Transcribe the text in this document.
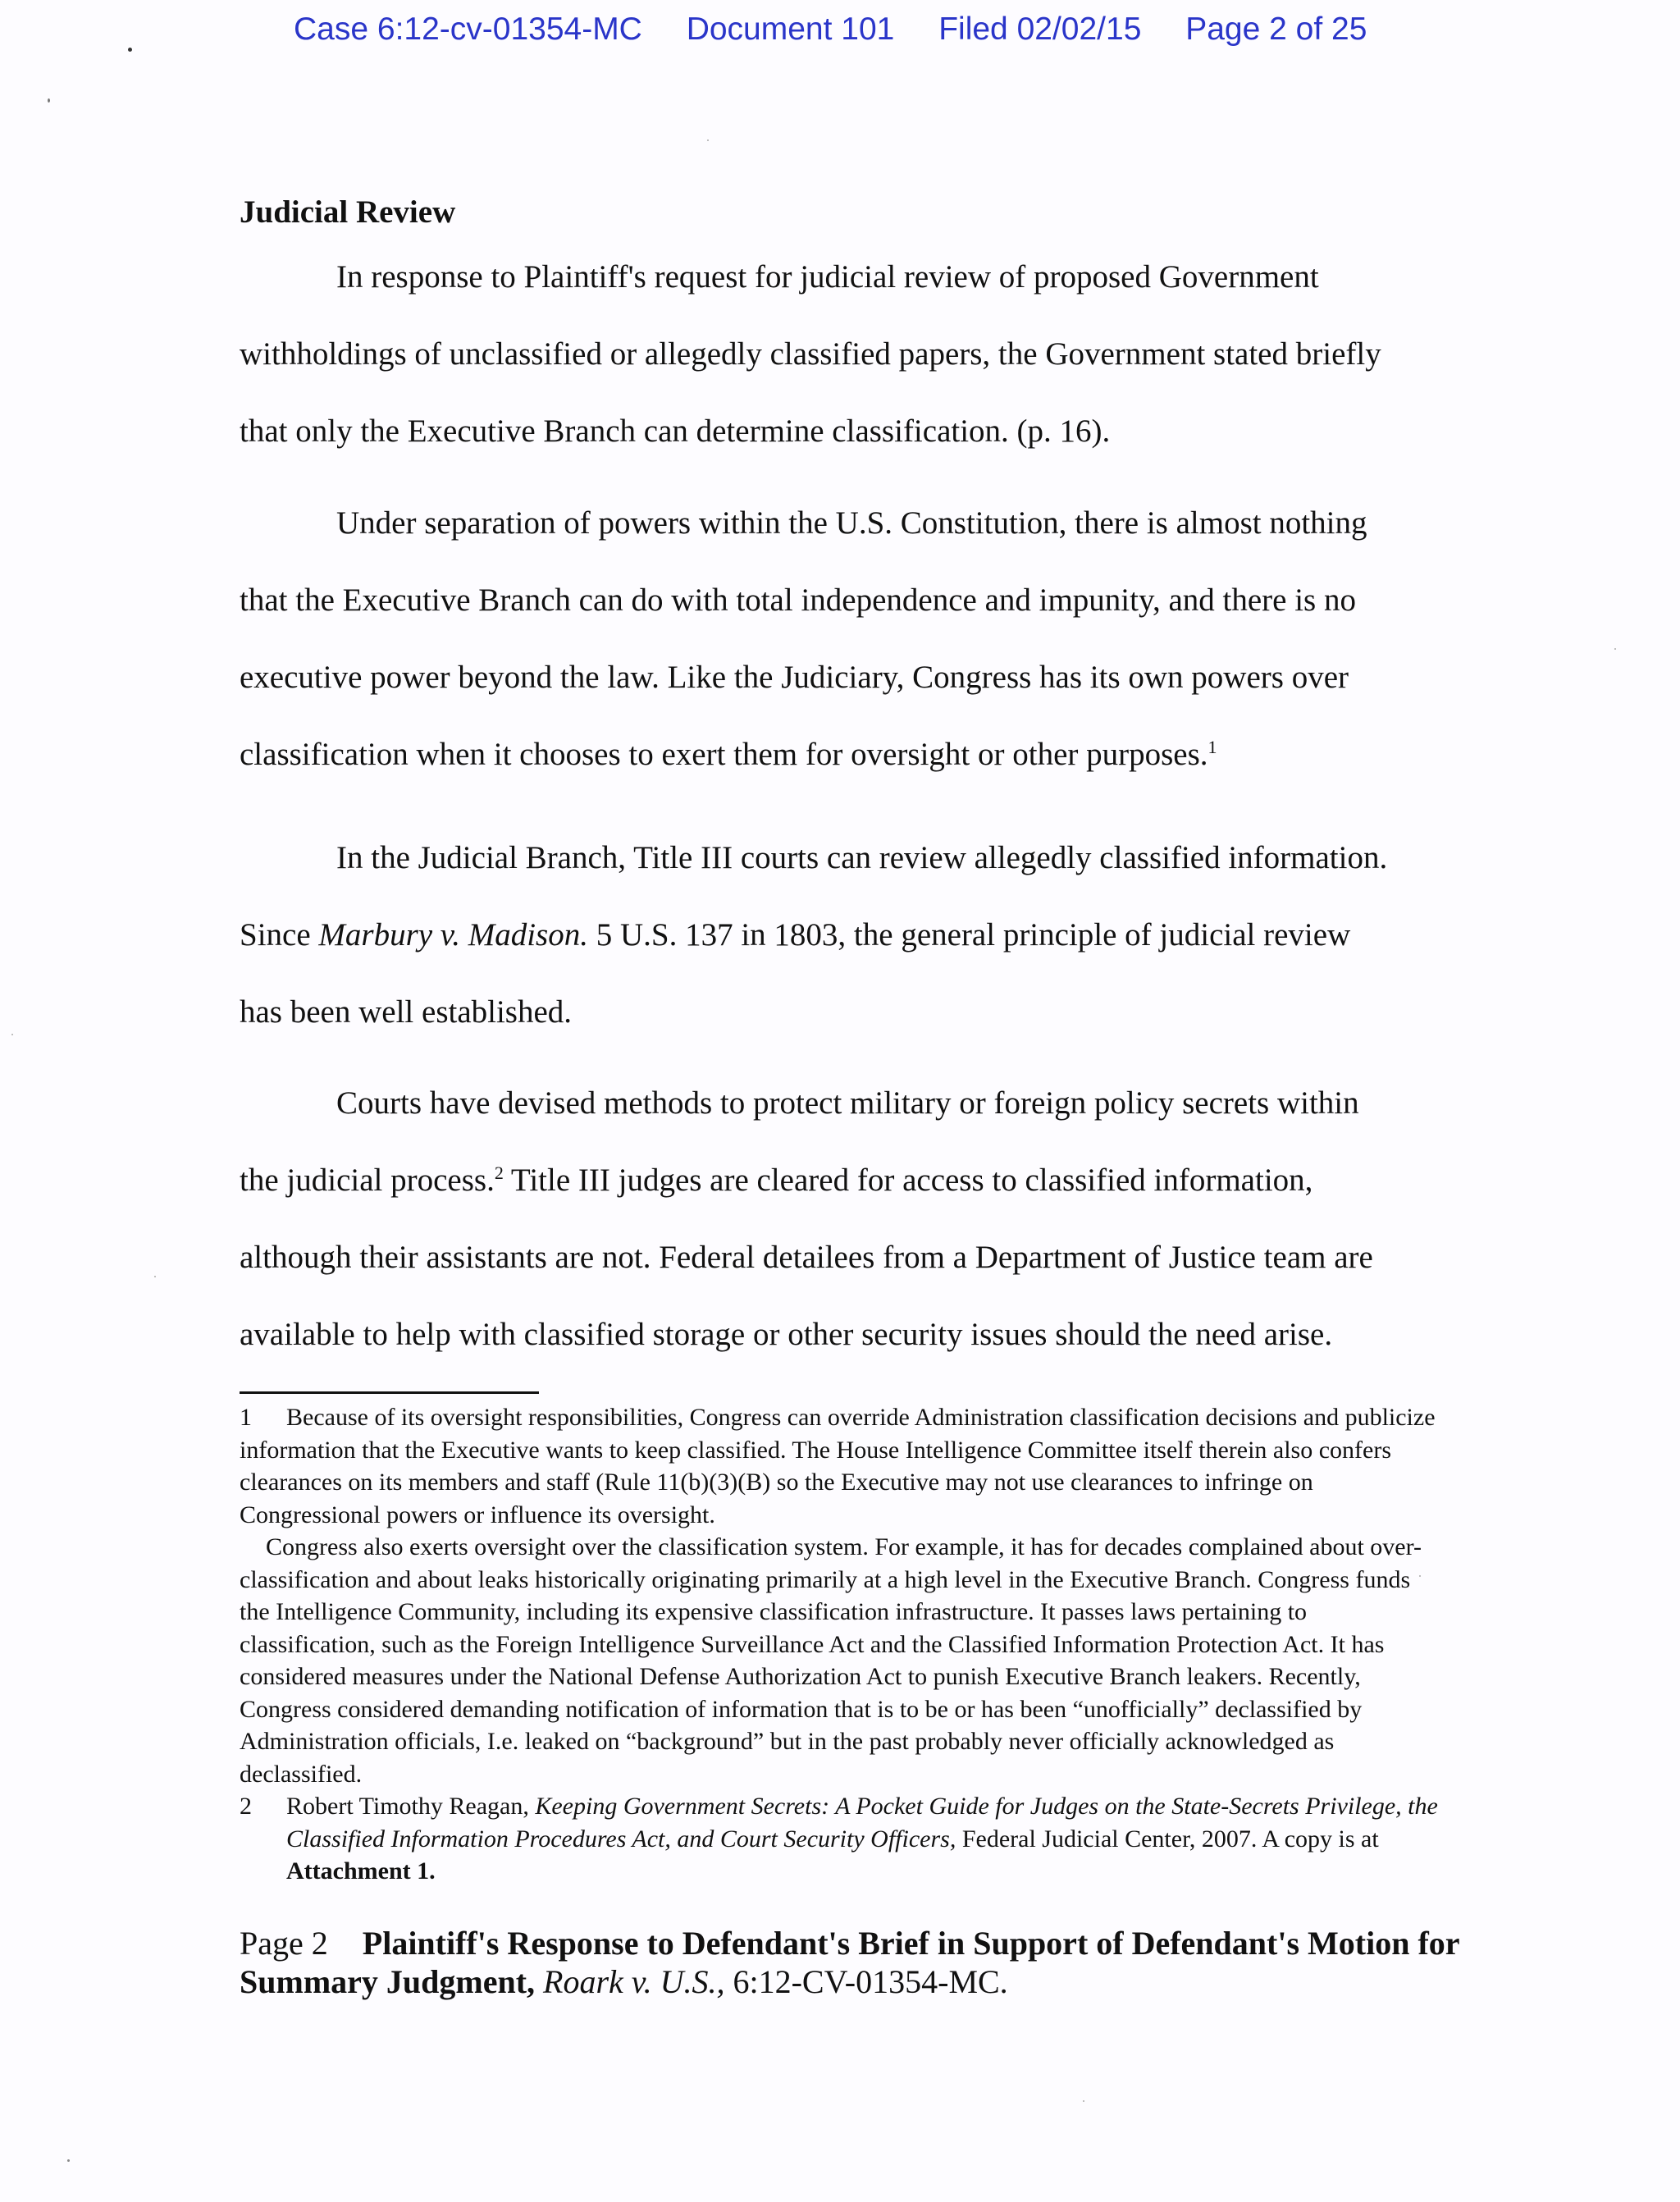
Case 6:12-cv-01354-MC Document 101 Filed 02/02/15 Page 2 of 25
Judicial Review

In response to Plaintiff's request for judicial review of proposed Government
withholdings of unclassified or allegedly classified papers, the Government stated briefly
that only the Executive Branch can determine classification. (p. 16).

Under separation of powers within the U.S. Constitution, there is almost nothing
that the Executive Branch can do with total independence and impunity, and there is no
executive power beyond the law. Like the Judiciary, Congress has its own powers over
classification when it chooses to exert them for oversight or other purposes.$^1$

In the Judicial Branch, Title III courts can review allegedly classified information.
Since Marbury v. Madison. 5 U.S. 137 in 1803, the general principle of judicial review
has been well established.

Courts have devised methods to protect military or foreign policy secrets within
the judicial process.$^2$ Title III judges are cleared for access to classified information,
although their assistants are not. Federal detailees from a Department of Justice team are
available to help with classified storage or other security issues should the need arise.

1 Because of its oversight responsibilities, Congress can override Administration classification decisions and publicize information that the Executive wants to keep classified. The House Intelligence Committee itself therein also confers clearances on its members and staff (Rule 11(b)(3)(B) so the Executive may not use clearances to infringe on Congressional powers or influence its oversight.

Congress also exerts oversight over the classification system. For example, it has for decades complained about over-classification and about leaks historically originating primarily at a high level in the Executive Branch. Congress funds the Intelligence Community, including its expensive classification infrastructure. It passes laws pertaining to classification, such as the Foreign Intelligence Surveillance Act and the Classified Information Protection Act. It has considered measures under the National Defense Authorization Act to punish Executive Branch leakers. Recently, Congress considered demanding notification of information that is to be or has been “unofficially” declassified by Administration officials, I.e. leaked on “background” but in the past probably never officially acknowledged as declassified.

2	Robert Timothy Reagan, Keeping Government Secrets: A Pocket Guide for Judges on the State-Secrets Privilege, the Classified Information Procedures Act, and Court Security Officers, Federal Judicial Center, 2007. A copy is at Attachment 1.
Page 2 Plaintiff's Response to Defendant's Brief in Support of Defendant's Motion for Summary Judgment, Roark v. U.S., 6:12-CV-01354-MC.
